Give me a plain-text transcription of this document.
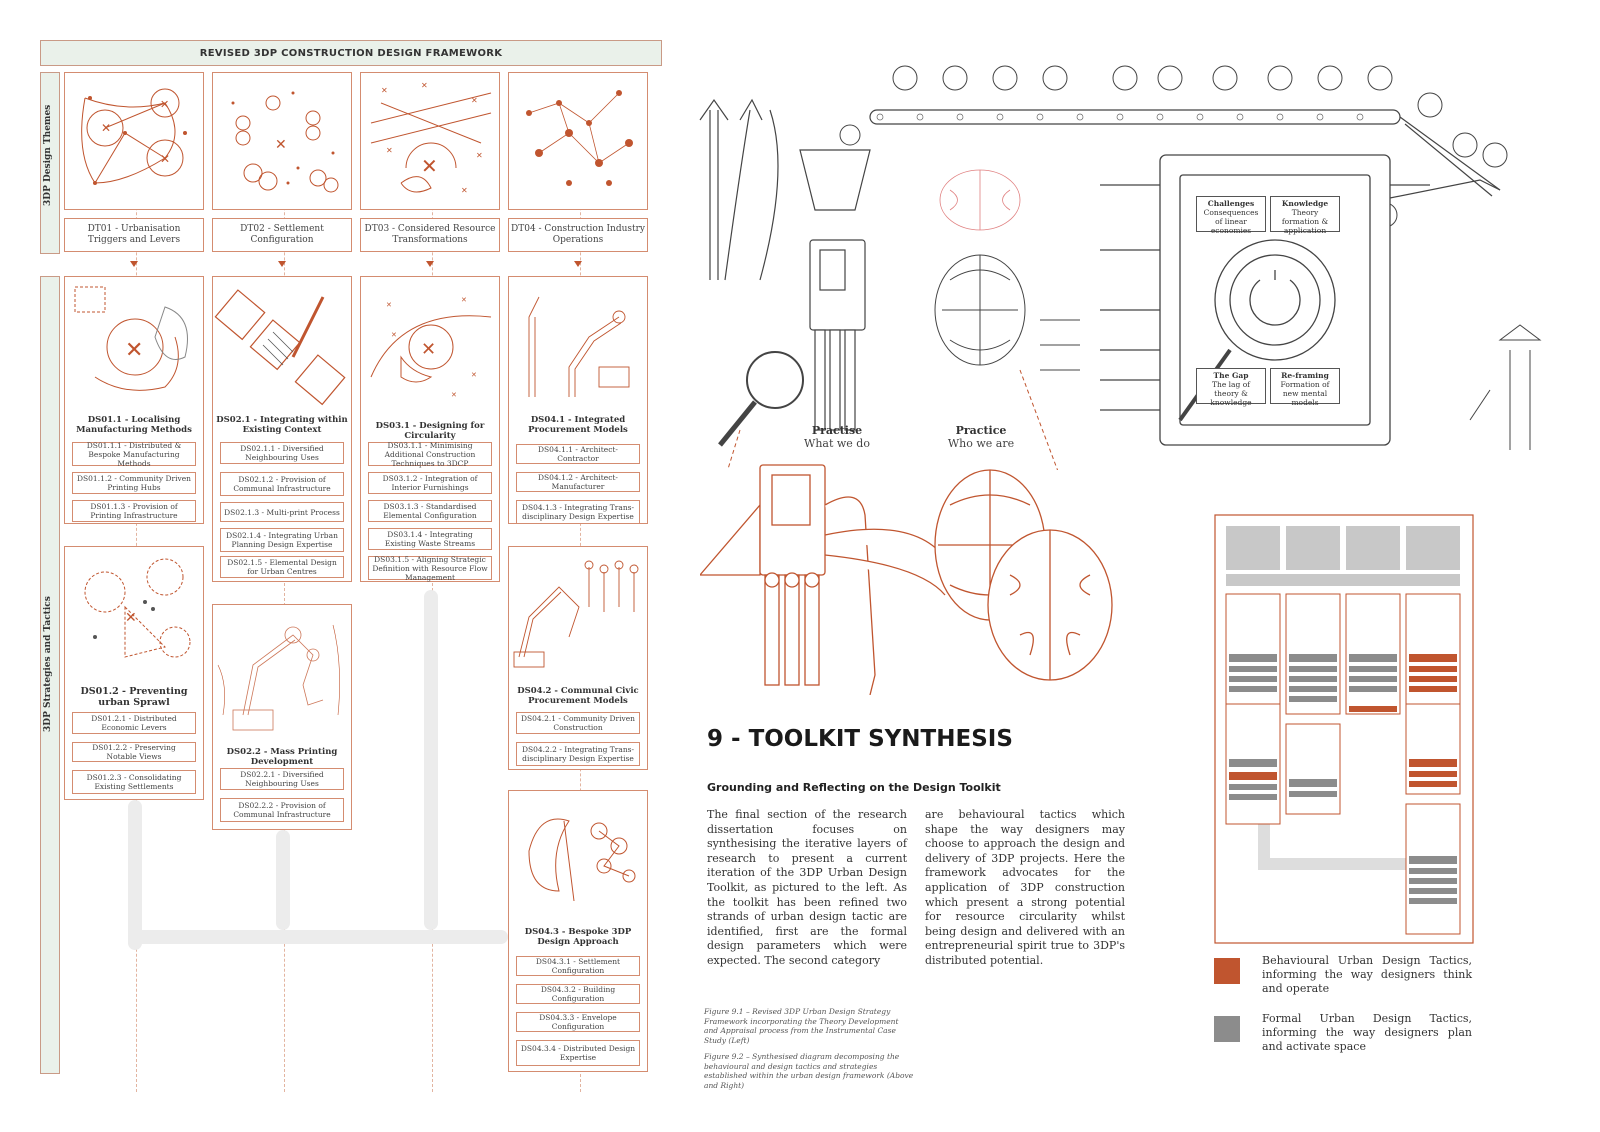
REVISED 3DP CONSTRUCTION DESIGN FRAMEWORK
3DP Design Themes
3DP Strategies and Tactics
✕
✕
✕
✕
✕
✕
✕
✕
✕
✕
✕
DT01 - Urbanisation Triggers and Levers
DT02 - Settlement Configuration
DT03 - Considered Resource Transformations
DT04 - Construction Industry Operations
✕
DS01.1 - Localising Manufacturing Methods
DS01.1.1 - Distributed & Bespoke Manufacturing Methods
DS01.1.2 - Community Driven Printing Hubs
DS01.1.3 - Provision of Printing Infrastructure
✕
DS01.2 - Preventing urban Sprawl
DS01.2.1 - Distributed Economic Levers
DS01.2.2 - Preserving Notable Views
DS01.2.3 - Consolidating Existing Settlements
DS02.1 - Integrating within Existing Context
DS02.1.1 - Diversified Neighbouring Uses
DS02.1.2 - Provision of Communal Infrastructure
DS02.1.3 - Multi-print Process
DS02.1.4 - Integrating Urban Planning Design Expertise
DS02.1.5 - Elemental Design for Urban Centres
DS02.2 - Mass Printing Development
DS02.2.1 - Diversified Neighbouring Uses
DS02.2.2 - Provision of Communal Infrastructure
✕
✕
✕
✕
✕
✕
DS03.1 - Designing for Circularity
DS03.1.1 - Minimising Additional Construction Techniques to 3DCP
DS03.1.2 - Integration of Interior Furnishings
DS03.1.3 - Standardised Elemental Configuration
DS03.1.4 - Integrating Existing Waste Streams
DS03.1.5 - Aligning Strategic Definition with Resource Flow Management
DS04.1 - Integrated Procurement Models
DS04.1.1 - Architect-Contractor
DS04.1.2 - Architect-Manufacturer
DS04.1.3 - Integrating Trans-disciplinary Design Expertise
DS04.2 - Communal Civic Procurement Models
DS04.2.1 - Community Driven Construction
DS04.2.2 - Integrating Trans-disciplinary Design Expertise
DS04.3 - Bespoke 3DP Design Approach
DS04.3.1 - Settlement Configuration
DS04.3.2 - Building Configuration
DS04.3.3 - Envelope Configuration
DS04.3.4 - Distributed Design Expertise
Practise
What we do
Practice
Who we are
Challenges
Consequences of linear economies
Knowledge
Theory formation & application
The Gap
The lag of theory & knowledge
Re-framing
Formation of new mental models
9 - TOOLKIT SYNTHESIS
Grounding and Reflecting on the Design Toolkit
The final section of the research dissertation focuses on synthesising the iterative layers of research to present a current iteration of the 3DP Urban Design Toolkit, as pictured to the left. As the toolkit has been refined two strands of urban design tactic are identified, first are the formal design parameters which were expected. The second category
are behavioural tactics which shape the way designers may choose to approach the design and delivery of 3DP projects. Here the framework advocates for the application of 3DP construction which present a strong potential for resource circularity whilst being design and delivered with an entrepreneurial spirit true to 3DP's distributed potential.
Figure 9.1 – Revised 3DP Urban Design Strategy Framework incorporating the Theory Development and Appraisal process from the Instrumental Case Study (Left)
Figure 9.2 – Synthesised diagram decomposing the behavioural and design tactics and strategies established within the urban design framework (Above and Right)
Behavioural Urban Design Tactics, informing the way designers think and operate
Formal Urban Design Tactics, informing the way designers plan and activate space
